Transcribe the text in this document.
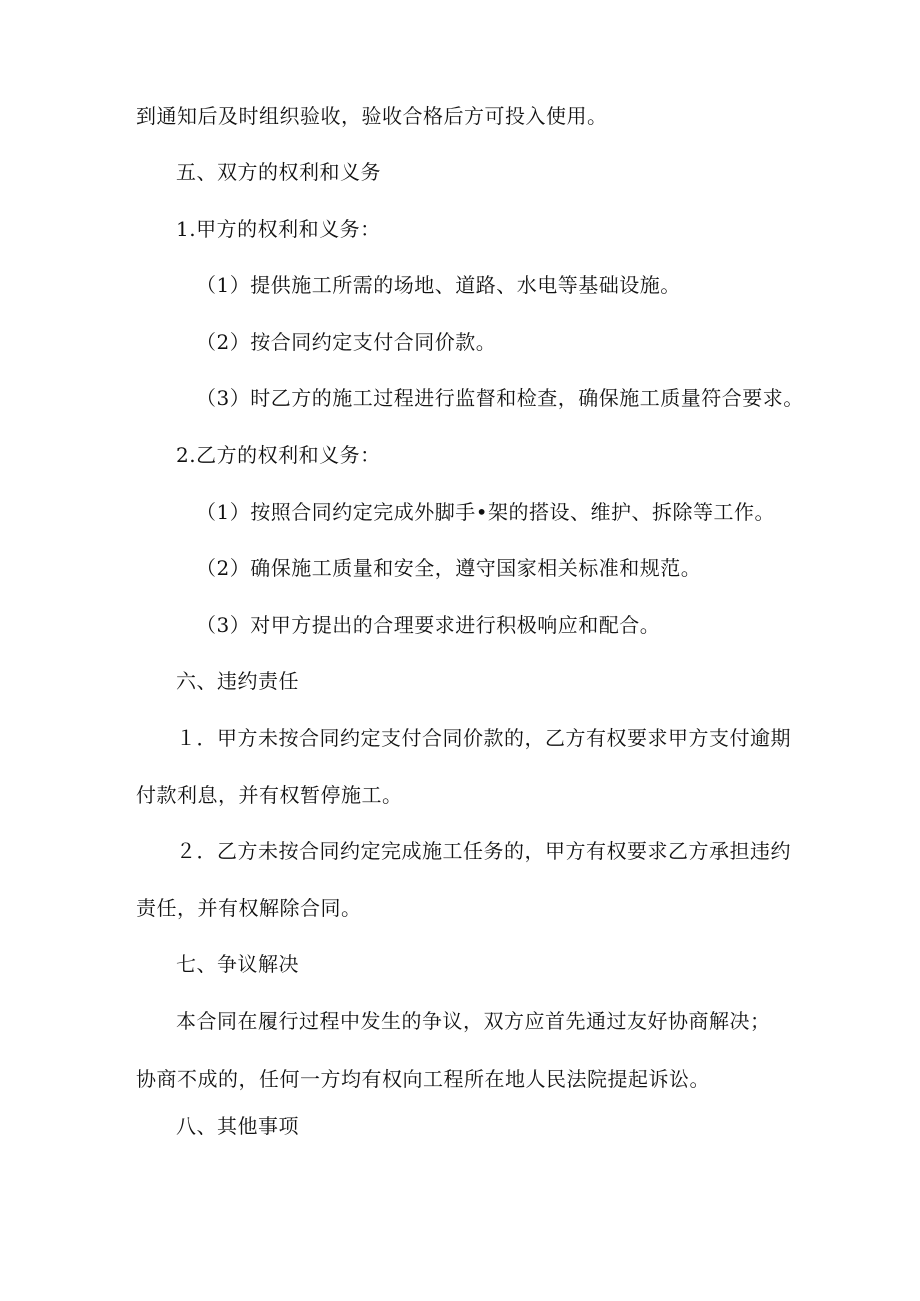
到通知后及时组织验收，验收合格后方可投入使用。
五、双方的权利和义务
1.甲方的权利和义务：
（1）提供施工所需的场地、道路、水电等基础设施。
（2）按合同约定支付合同价款。
（3）时乙方的施工过程进行监督和检查，确保施工质量符合要求。
2.乙方的权利和义务：
（1）按照合同约定完成外脚手•架的搭设、维护、拆除等工作。
（2）确保施工质量和安全，遵守国家相关标准和规范。
（3）对甲方提出的合理要求进行积极响应和配合。
六、违约责任
１．甲方未按合同约定支付合同价款的，乙方有权要求甲方支付逾期
付款利息，并有权暂停施工。
２．乙方未按合同约定完成施工任务的，甲方有权要求乙方承担违约
责任，并有权解除合同。
七、争议解决
本合同在履行过程中发生的争议，双方应首先通过友好协商解决；
协商不成的，任何一方均有权向工程所在地人民法院提起诉讼。
八、其他事项
